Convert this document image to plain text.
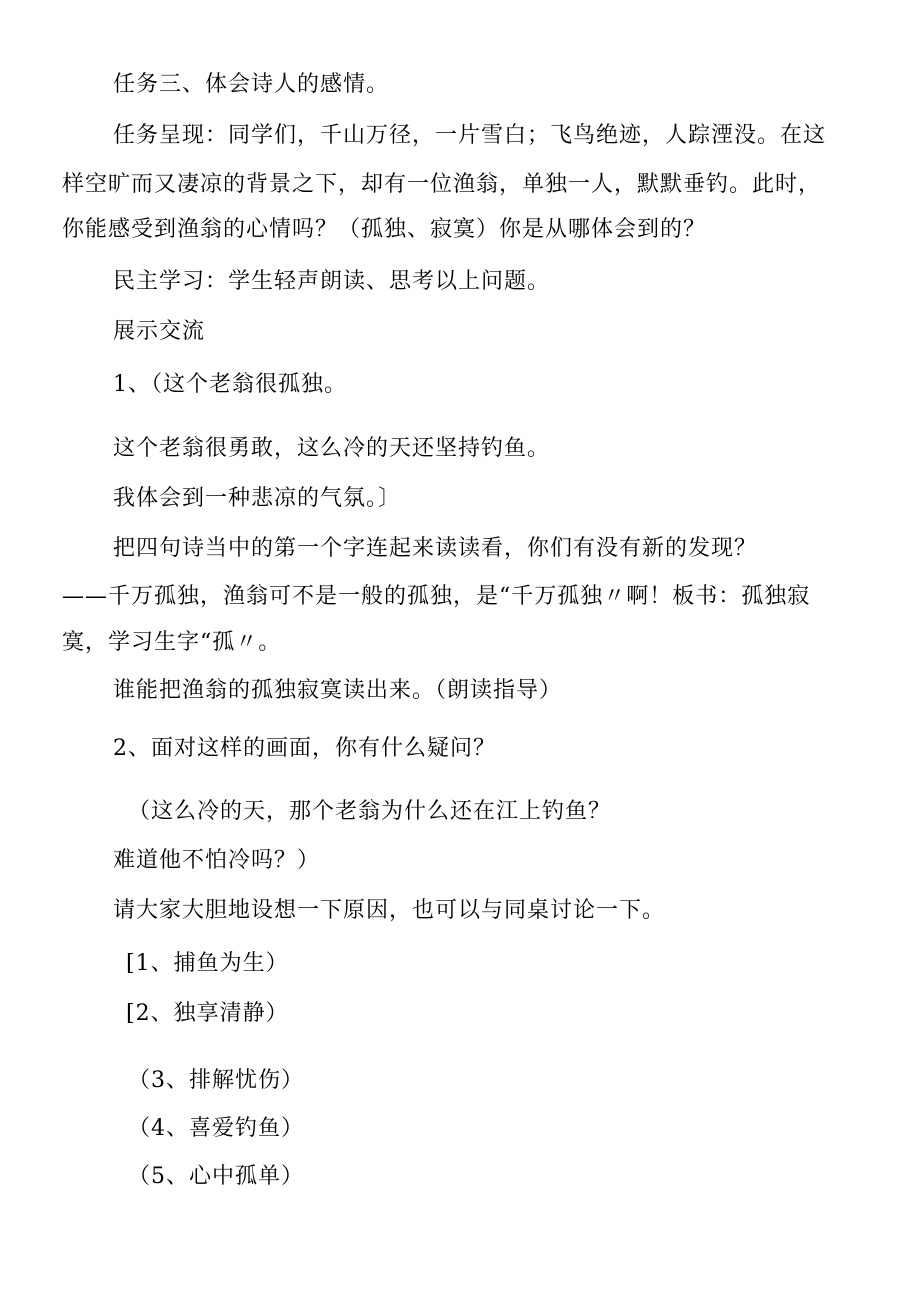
任务三、体会诗人的感情。
任务呈现：同学们，千山万径，一片雪白；飞鸟绝迹，人踪湮没。在这
样空旷而又凄凉的背景之下，却有一位渔翁，单独一人，默默垂钓。此时，
你能感受到渔翁的心情吗？（孤独、寂寞）你是从哪体会到的？
民主学习：学生轻声朗读、思考以上问题。
展示交流
1、（这个老翁很孤独。
这个老翁很勇敢，这么冷的天还坚持钓鱼。
我体会到一种悲凉的气氛。〕
把四句诗当中的第一个字连起来读读看，你们有没有新的发现？
——千万孤独，渔翁可不是一般的孤独，是“千万孤独〃啊！板书：孤独寂
寞，学习生字“孤〃。
谁能把渔翁的孤独寂寞读出来。（朗读指导）
2、面对这样的画面，你有什么疑问？
（这么冷的天，那个老翁为什么还在江上钓鱼？
难道他不怕冷吗？）
请大家大胆地设想一下原因，也可以与同桌讨论一下。
[1、捕鱼为生）
[2、独享清静）
（3、排解忧伤）
（4、喜爱钓鱼）
（5、心中孤单）
